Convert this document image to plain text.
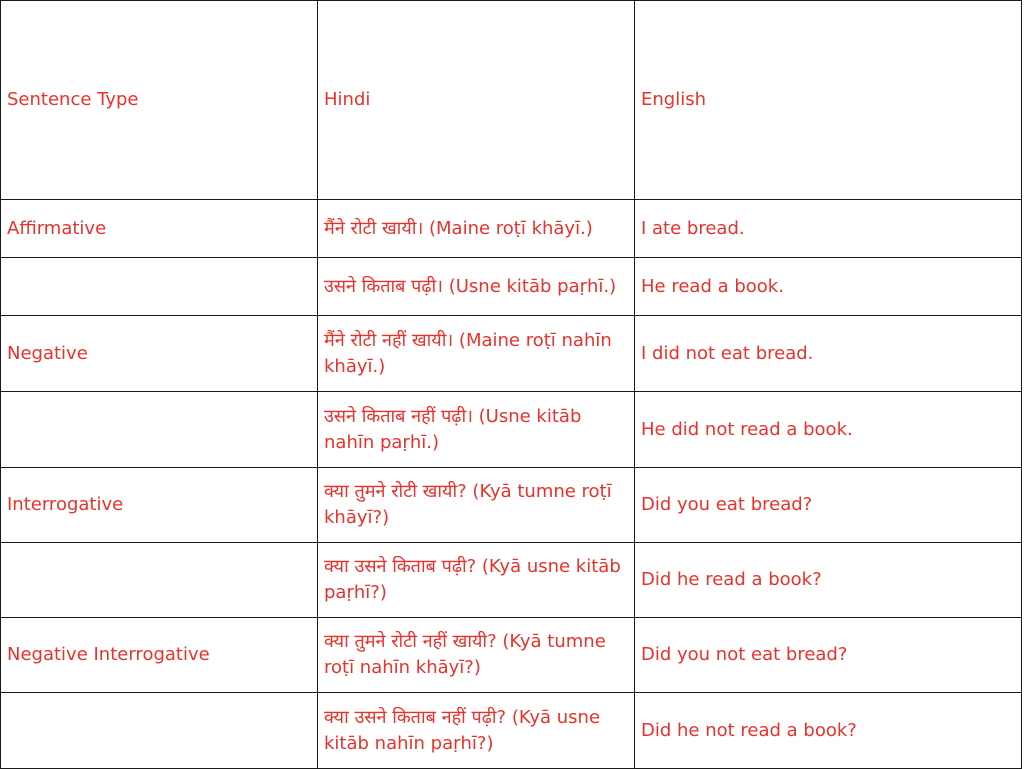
Sentence Type	Hindi	English
Affirmative	मैंने रोटी खायी। (Maine roṭī khāyī.)	I ate bread.
	उसने किताब पढ़ी। (Usne kitāb paṛhī.)	He read a book.
Negative	मैंने रोटी नहीं खायी। (Maine roṭī nahīn khāyī.)	I did not eat bread.
	उसने किताब नहीं पढ़ी। (Usne kitāb nahīn paṛhī.)	He did not read a book.
Interrogative	क्या तुमने रोटी खायी? (Kyā tumne roṭī khāyī?)	Did you eat bread?
	क्या उसने किताब पढ़ी? (Kyā usne kitāb paṛhī?)	Did he read a book?
Negative Interrogative	क्या तुमने रोटी नहीं खायी? (Kyā tumne roṭī nahīn khāyī?)	Did you not eat bread?
	क्या उसने किताब नहीं पढ़ी? (Kyā usne kitāb nahīn paṛhī?)	Did he not read a book?
